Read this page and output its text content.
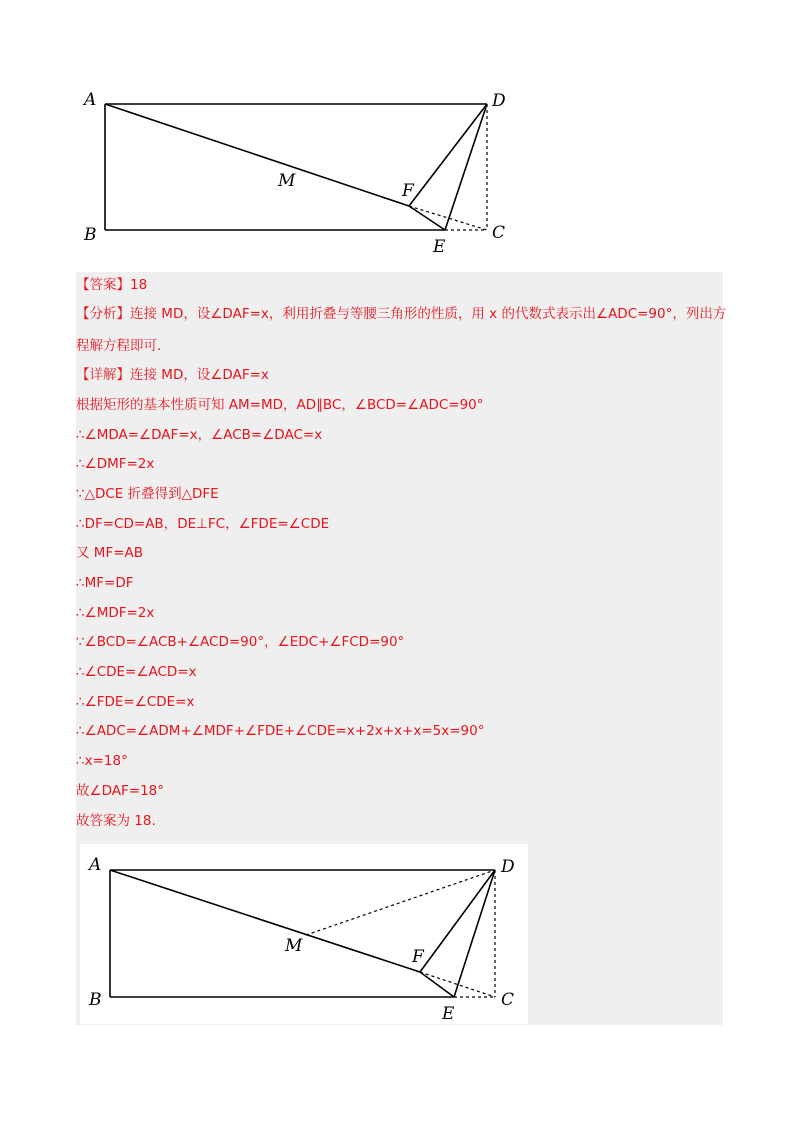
A
B	C
D
E
F
M
【答案】18
【分析】连接 MD，设∠DAF=x，利用折叠与等腰三角形的性质，用 x 的代数式表示出∠ADC=90°，列出方
程解方程即可.
【详解】连接 MD，设∠DAF=x
根据矩形的基本性质可知 AM=MD，AD∥BC，∠BCD=∠ADC=90°
∴∠MDA=∠DAF=x，∠ACB=∠DAC=x
∴∠DMF=2x
∵△DCE 折叠得到△DFE
∴DF=CD=AB，DE⊥FC，∠FDE=∠CDE
又 MF=AB
∴MF=DF
∴∠MDF=2x
∵∠BCD=∠ACB+∠ACD=90°，∠EDC+∠FCD=90°
∴∠CDE=∠ACD=x
∴∠FDE=∠CDE=x
∴∠ADC=∠ADM+∠MDF+∠FDE+∠CDE=x+2x+x+x=5x=90°
∴x=18°
故∠DAF=18°
故答案为 18.
A
B	C
D
E
F
M
